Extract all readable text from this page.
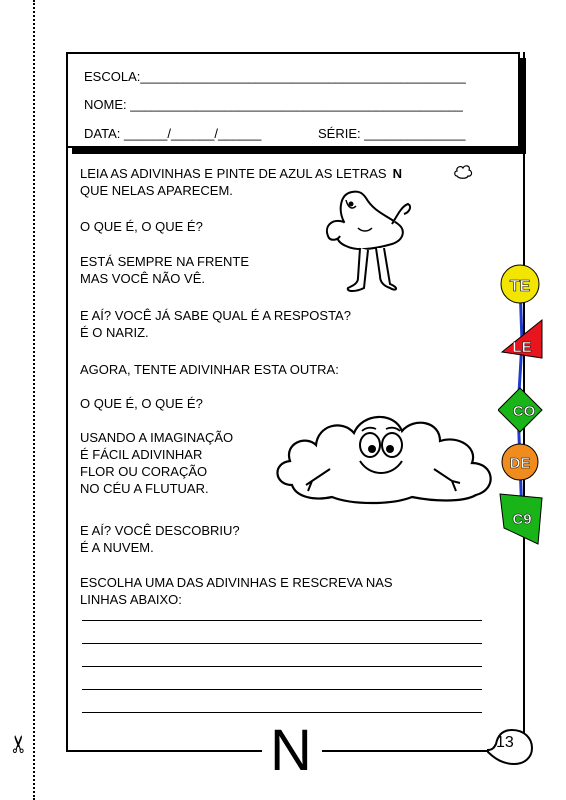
✂
ESCOLA:_____________________________________________
NOME: ______________________________________________
DATA: ______/______/______	SÉRIE: ______________

LEIA AS ADIVINHAS E PINTE DE AZUL AS LETRAS N

QUE NELAS APARECEM.

O QUE É, O QUE É?

ESTÁ SEMPRE NA FRENTE

MAS VOCÊ NÃO VÊ.

E AÍ? VOCÊ JÁ SABE QUAL É A RESPOSTA?

É O NARIZ.

AGORA, TENTE ADIVINHAR ESTA OUTRA:
O QUE É, O QUE É?

USANDO A IMAGINAÇÃO

É FÁCIL ADIVINHAR

FLOR OU CORAÇÃO

NO CÉU A FLUTUAR.

E AÍ? VOCÊ DESCOBRIU?

É A NUVEM.

ESCOLHA UMA DAS ADIVINHAS E RESCREVA NAS

LINHAS ABAIXO:

TE
LE
CO
DE
C9
N	13
